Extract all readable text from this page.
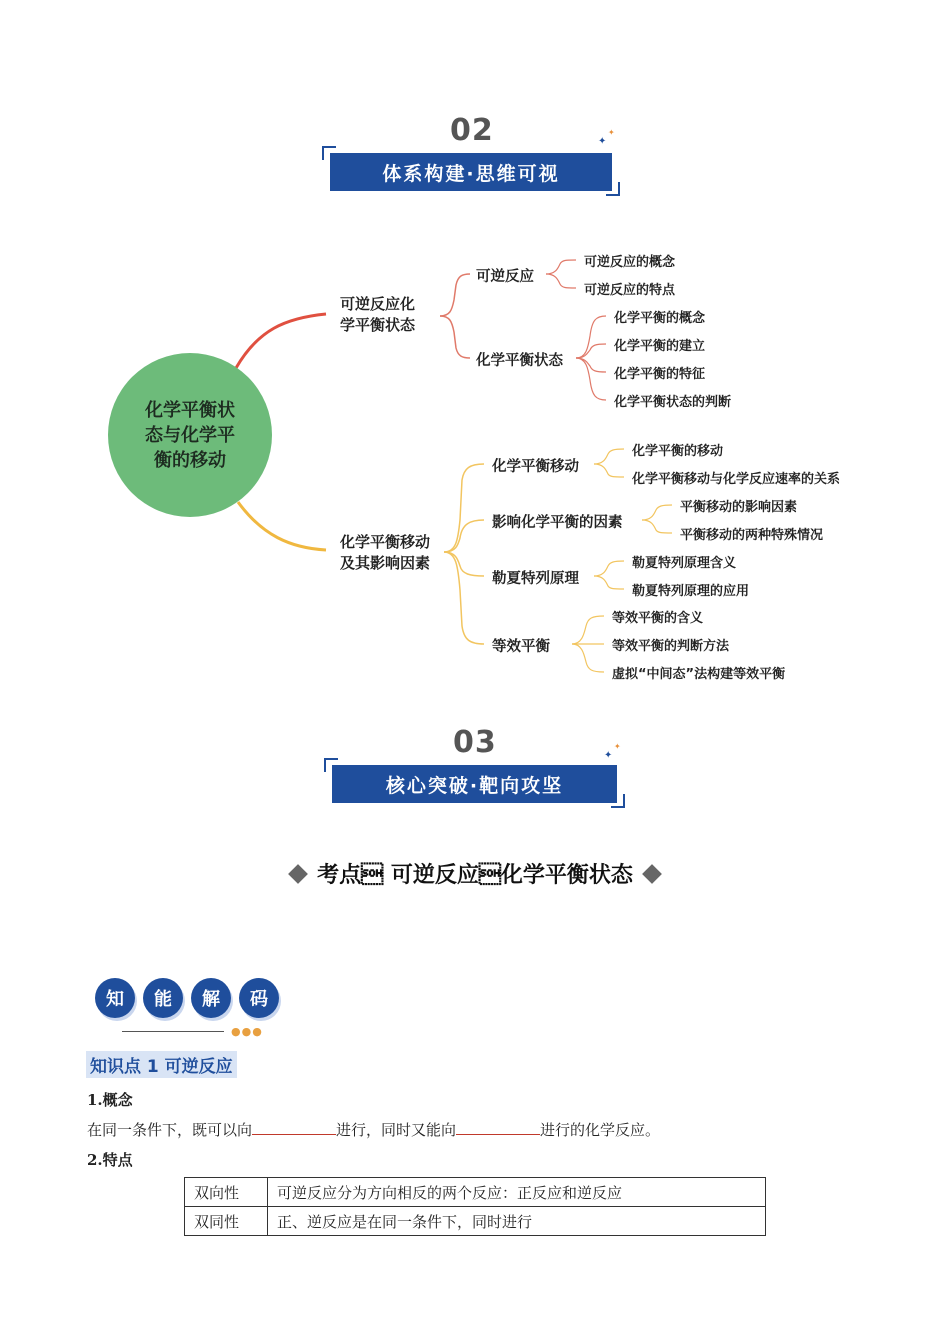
02
体系构建·思维可视
✦
✦
化学平衡状
态与化学平
衡的移动
可逆反应化
学平衡状态
可逆反应
可逆反应的概念
可逆反应的特点
化学平衡状态
化学平衡的概念
化学平衡的建立
化学平衡的特征
化学平衡状态的判断
化学平衡移动
及其影响因素
化学平衡移动
化学平衡的移动
化学平衡移动与化学反应速率的关系
影响化学平衡的因素
平衡移动的影响因素
平衡移动的两种特殊情况
勒夏特列原理
勒夏特列原理含义
勒夏特列原理的应用
等效平衡
等效平衡的含义
等效平衡的判断方法
虚拟“中间态”法构建等效平衡
03
核心突破·靶向攻坚
✦
✦
考点 可逆反应化学平衡状态
知	能	解	码
●●●
知识点 1 可逆反应
1.概念
在同一条件下，既可以向	进行，同时又能向	进行的化学反应。
2.特点
双向性	可逆反应分为方向相反的两个反应：正反应和逆反应
双同性	正、逆反应是在同一条件下，同时进行
